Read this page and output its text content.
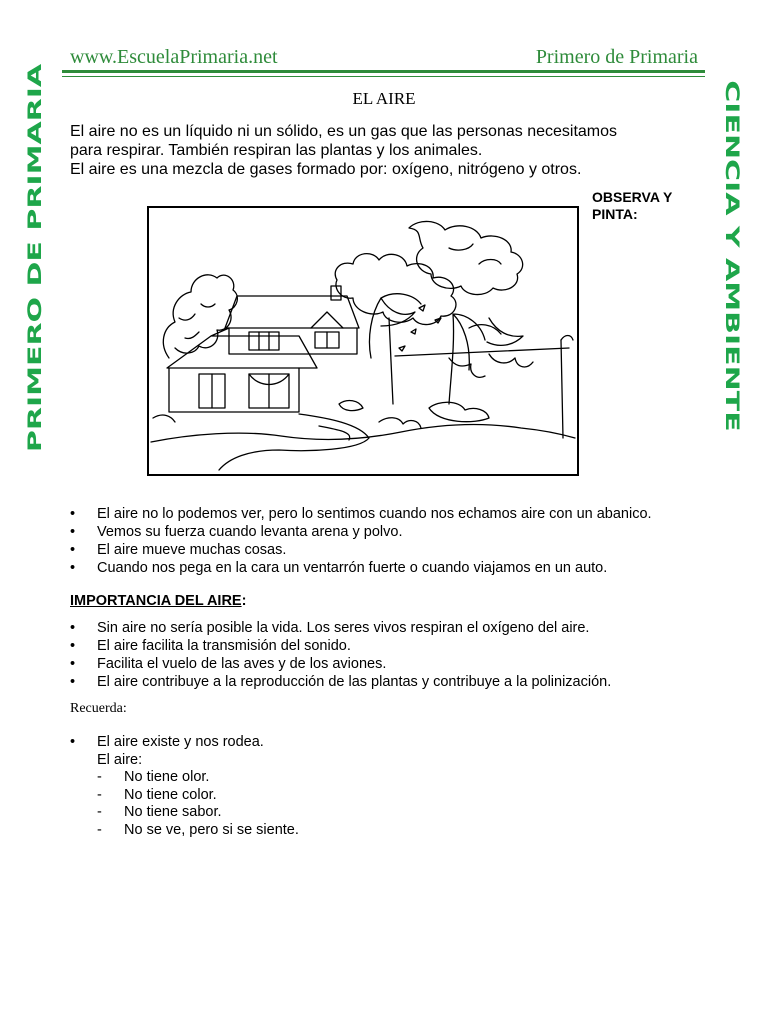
www.EscuelaPrimaria.net	Primero de Primaria
EL AIRE
PRIMERO DE PRIMARIA	CIENCIA Y AMBIENTE
El aire no es un líquido ni un sólido, es un gas que las personas necesitamos
para respirar. También respiran las plantas y los animales.
El aire es una mezcla de gases formado por: oxígeno, nitrógeno y otros.
OBSERVA Y
PINTA:
• El aire no lo podemos ver, pero lo sentimos cuando nos echamos aire con un abanico.
• Vemos su fuerza cuando levanta arena y polvo.
• El aire mueve muchas cosas.
• Cuando nos pega en la cara un ventarrón fuerte o cuando viajamos en un auto.
IMPORTANCIA DEL AIRE:
• Sin aire no sería posible la vida. Los seres vivos respiran el oxígeno del aire.
• El aire facilita la transmisión del sonido.
• Facilita el vuelo de las aves y de los aviones.
• El aire contribuye a la reproducción de las plantas y contribuye a la polinización.
Recuerda:
• El aire existe y nos rodea.
El aire:
- No tiene olor.
- No tiene color.
- No tiene sabor.
- No se ve, pero si se siente.
